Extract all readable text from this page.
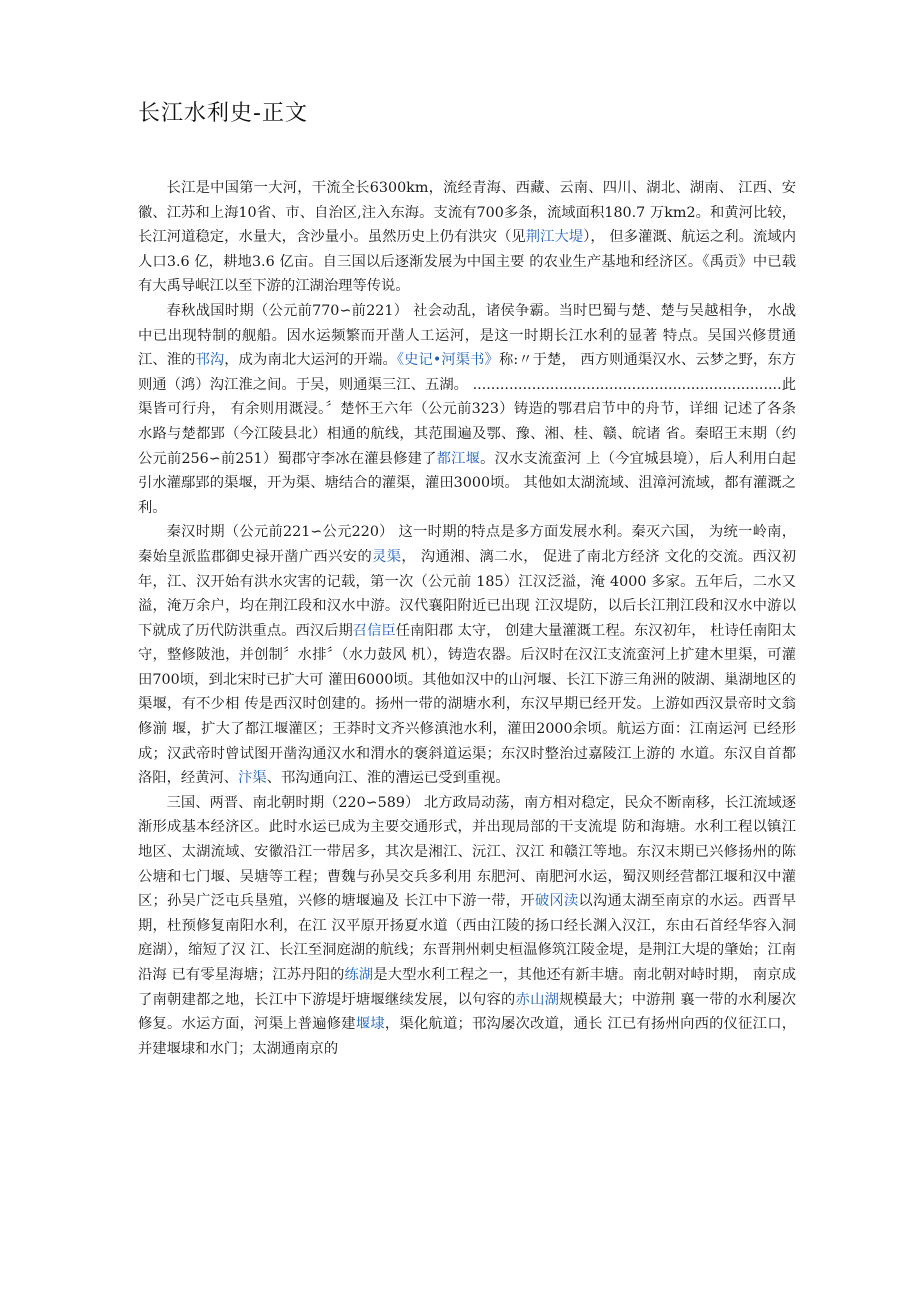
长江水利史-正文

长江是中国第一大河，干流全长6300km，流经青海、西藏、云南、四川、湖北、湖南、 江西、安徽、江苏和上海10省、市、自治区,注入东海。支流有700多条，流域面积180.7 万km2。和黄河比较，长江河道稳定，水量大，含沙量小。虽然历史上仍有洪灾（见荆江大堤）， 但多灌溉、航运之利。流域内人口3.6 亿，耕地3.6 亿亩。自三国以后逐渐发展为中国主要 的农业生产基地和经济区。《禹贡》中已载有大禹导岷江以至下游的江湖治理等传说。

春秋战国时期（公元前770∽前221） 社会动乱，诸侯争霸。当时巴蜀与楚、楚与吴越相争， 水战中已出现特制的舰船。因水运频繁而开凿人工运河，是这一时期长江水利的显著 特点。吴国兴修贯通江、淮的邗沟，成为南北大运河的开端。《史记•河渠书》称:〃于楚， 西方则通渠汉水、云梦之野，东方则通（鸿）沟江淮之间。于吴，则通渠三江、五湖。 ....................................................................此渠皆可行舟， 有余则用溉浸。〞楚怀王六年（公元前323）铸造的鄂君启节中的舟节，详细 记述了各条水路与楚都郢（今江陵县北）相通的航线，其范围遍及鄂、豫、湘、桂、赣、皖诸 省。秦昭王末期（约公元前256∽前251）蜀郡守李冰在灌县修建了都江堰。汉水支流蛮河 上（今宜城县境），后人利用白起引水灌鄢郢的渠堰，开为渠、塘结合的灌渠，灌田3000顷。 其他如太湖流域、沮漳河流域，都有灌溉之利。

秦汉时期（公元前221∽公元220） 这一时期的特点是多方面发展水利。秦灭六国， 为统一岭南，秦始皇派监郡御史禄开凿广西兴安的灵渠， 沟通湘、漓二水， 促进了南北方经济 文化的交流。西汉初年，江、汉开始有洪水灾害的记载，第一次（公元前 185）江汉泛溢，淹 4000 多家。五年后，二水又溢，淹万余户，均在荆江段和汉水中游。汉代襄阳附近已出现 江汉堤防，以后长江荆江段和汉水中游以下就成了历代防洪重点。西汉后期召信臣任南阳郡 太守， 创建大量灌溉工程。东汉初年， 杜诗任南阳太守，整修陂池，并创制〞水排〞（水力鼓风 机），铸造农器。后汉时在汉江支流蛮河上扩建木里渠，可灌田700顷，到北宋时已扩大可 灌田6000顷。其他如汉中的山河堰、长江下游三角洲的陂湖、巢湖地区的渠堰，有不少相 传是西汉时创建的。扬州一带的湖塘水利，东汉早期已经开发。上游如西汉景帝时文翁修湔 堰，扩大了都江堰灌区；王莽时文齐兴修滇池水利，灌田2000余顷。航运方面：江南运河 已经形成；汉武帝时曾试图开凿沟通汉水和渭水的褒斜道运渠；东汉时整治过嘉陵江上游的 水道。东汉自首都洛阳，经黄河、汴渠、邗沟通向江、淮的漕运已受到重视。

三国、两晋、南北朝时期（220∽589） 北方政局动荡，南方相对稳定，民众不断南移，长江流域逐渐形成基本经济区。此时水运已成为主要交通形式，并出现局部的干支流堤 防和海塘。水利工程以镇江地区、太湖流域、安徽沿江一带居多，其次是湘江、沅江、汉江 和赣江等地。东汉末期已兴修扬州的陈公塘和七门堰、吴塘等工程；曹魏与孙吴交兵多利用 东肥河、南肥河水运，蜀汉则经营都江堰和汉中灌区；孙吴广泛屯兵垦殖，兴修的塘堰遍及 长江中下游一带，开破冈渎以沟通太湖至南京的水运。西晋早期，杜预修复南阳水利，在江 汉平原开扬夏水道（西由江陵的扬口经长渊入汉江，东由石首经华容入洞庭湖），缩短了汉 江、长江至洞庭湖的航线；东晋荆州刺史桓温修筑江陵金堤，是荆江大堤的肇始；江南沿海 已有零星海塘；江苏丹阳的练湖是大型水利工程之一，其他还有新丰塘。南北朝对峙时期， 南京成了南朝建都之地，长江中下游堤圩塘堰继续发展，以句容的赤山湖规模最大；中游荆 襄一带的水利屡次修复。水运方面，河渠上普遍修建堰埭，渠化航道；邗沟屡次改道，通长 江已有扬州向西的仪征江口，并建堰埭和水门；太湖通南京的
